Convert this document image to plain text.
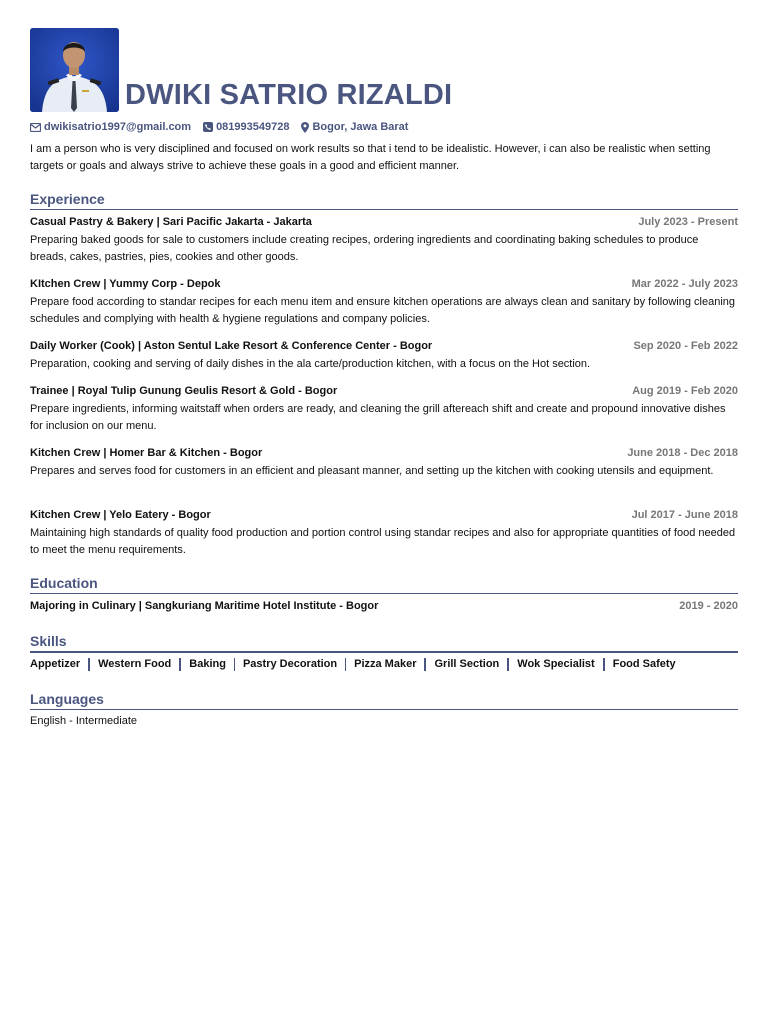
DWIKI SATRIO RIZALDI
dwikisatrio1997@gmail.com 081993549728 Bogor, Jawa Barat

I am a person who is very disciplined and focused on work results so that i tend to be idealistic. However, i can also be realistic when setting targets or goals and always strive to achieve these goals in a good and efficient manner.

Experience
Casual Pastry & Bakery | Sari Pacific Jakarta - Jakarta	July 2023 - Present

Preparing baked goods for sale to customers include creating recipes, ordering ingredients and coordinating baking schedules to produce breads, cakes, pastries, pies, cookies and other goods.

KItchen Crew | Yummy Corp - Depok	Mar 2022 - July 2023

Prepare food according to standar recipes for each menu item and ensure kitchen operations are always clean and sanitary by following cleaning schedules and complying with health & hygiene regulations and company policies.

Daily Worker (Cook) | Aston Sentul Lake Resort & Conference Center - Bogor	Sep 2020 - Feb 2022

Preparation, cooking and serving of daily dishes in the ala carte/production kitchen, with a focus on the Hot section.

Trainee | Royal Tulip Gunung Geulis Resort & Gold - Bogor	Aug 2019 - Feb 2020

Prepare ingredients, informing waitstaff when orders are ready, and cleaning the grill aftereach shift and create and propound innovative dishes for inclusion on our menu.

Kitchen Crew | Homer Bar & Kitchen - Bogor	June 2018 - Dec 2018

Prepares and serves food for customers in an efficient and pleasant manner, and setting up the kitchen with cooking utensils and equipment.

Kitchen Crew | Yelo Eatery - Bogor	Jul 2017 - June 2018

Maintaining high standards of quality food production and portion control using standar recipes and also for appropriate quantities of food needed to meet the menu requirements.

Education
Majoring in Culinary | Sangkuriang Maritime Hotel Institute - Bogor	2019 - 2020
Skills
Appetizer Western Food Baking Pastry Decoration Pizza Maker Grill Section Wok Specialist Food Safety
Languages
English - Intermediate
